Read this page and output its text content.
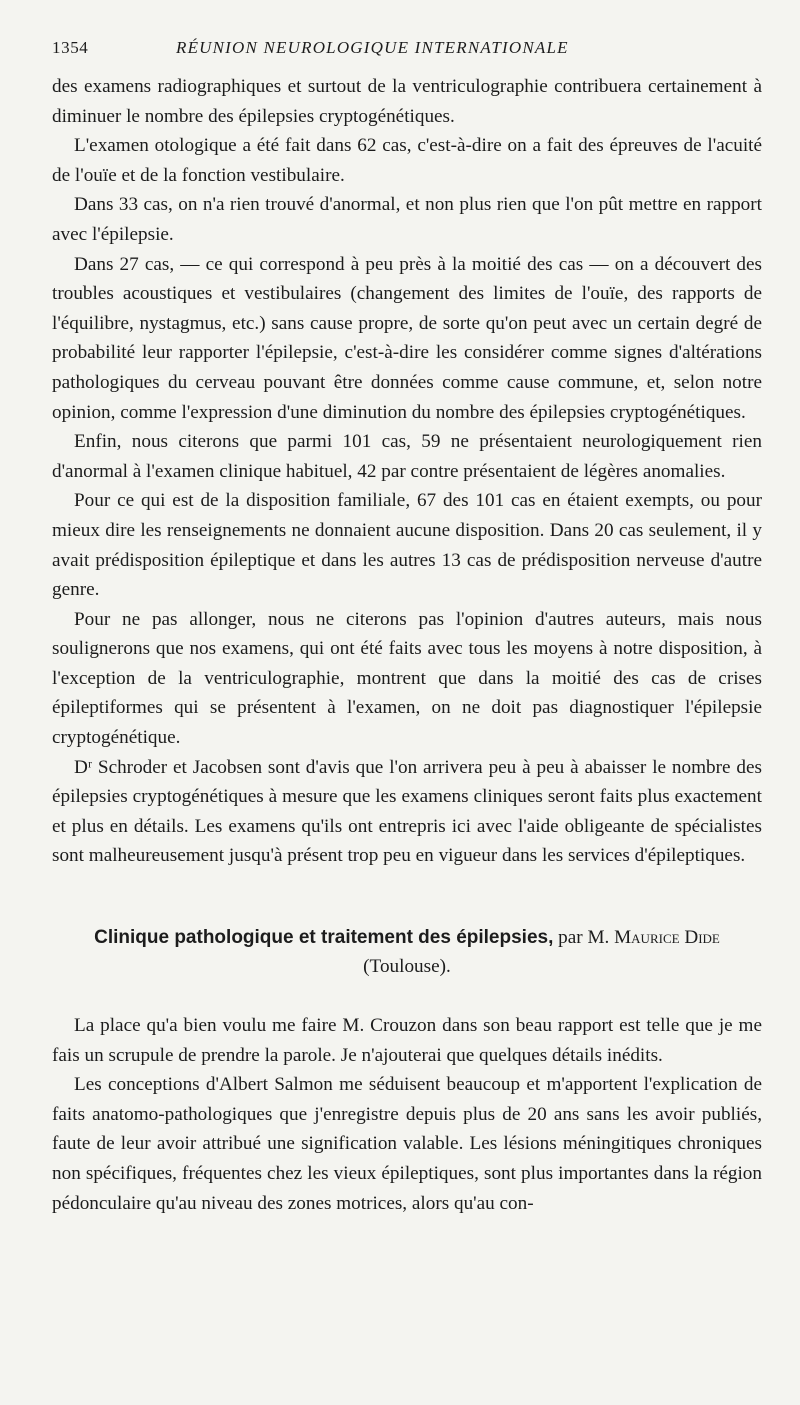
1354	RÉUNION NEUROLOGIQUE INTERNATIONALE

des examens radiographiques et surtout de la ventriculographie contribuera certainement à diminuer le nombre des épilepsies cryptogénétiques.

L'examen otologique a été fait dans 62 cas, c'est-à-dire on a fait des épreuves de l'acuité de l'ouïe et de la fonction vestibulaire.

Dans 33 cas, on n'a rien trouvé d'anormal, et non plus rien que l'on pût mettre en rapport avec l'épilepsie.

Dans 27 cas, — ce qui correspond à peu près à la moitié des cas — on a découvert des troubles acoustiques et vestibulaires (changement des limites de l'ouïe, des rapports de l'équilibre, nystagmus, etc.) sans cause propre, de sorte qu'on peut avec un certain degré de probabilité leur rapporter l'épilepsie, c'est-à-dire les considérer comme signes d'altérations pathologiques du cerveau pouvant être données comme cause commune, et, selon notre opinion, comme l'expression d'une diminution du nombre des épilepsies cryptogénétiques.

Enfin, nous citerons que parmi 101 cas, 59 ne présentaient neurologiquement rien d'anormal à l'examen clinique habituel, 42 par contre présentaient de légères anomalies.

Pour ce qui est de la disposition familiale, 67 des 101 cas en étaient exempts, ou pour mieux dire les renseignements ne donnaient aucune disposition. Dans 20 cas seulement, il y avait prédisposition épileptique et dans les autres 13 cas de prédisposition nerveuse d'autre genre.

Pour ne pas allonger, nous ne citerons pas l'opinion d'autres auteurs, mais nous soulignerons que nos examens, qui ont été faits avec tous les moyens à notre disposition, à l'exception de la ventriculographie, montrent que dans la moitié des cas de crises épileptiformes qui se présentent à l'examen, on ne doit pas diagnostiquer l'épilepsie cryptogénétique.

Dʳ Schroder et Jacobsen sont d'avis que l'on arrivera peu à peu à abaisser le nombre des épilepsies cryptogénétiques à mesure que les examens cliniques seront faits plus exactement et plus en détails. Les examens qu'ils ont entrepris ici avec l'aide obligeante de spécialistes sont malheureusement jusqu'à présent trop peu en vigueur dans les services d'épileptiques.

Clinique pathologique et traitement des épilepsies, par M. Maurice Dide (Toulouse).

La place qu'a bien voulu me faire M. Crouzon dans son beau rapport est telle que je me fais un scrupule de prendre la parole. Je n'ajouterai que quelques détails inédits.

Les conceptions d'Albert Salmon me séduisent beaucoup et m'apportent l'explication de faits anatomo-pathologiques que j'enregistre depuis plus de 20 ans sans les avoir publiés, faute de leur avoir attribué une signification valable. Les lésions méningitiques chroniques non spécifiques, fréquentes chez les vieux épileptiques, sont plus importantes dans la région pédonculaire qu'au niveau des zones motrices, alors qu'au con-
